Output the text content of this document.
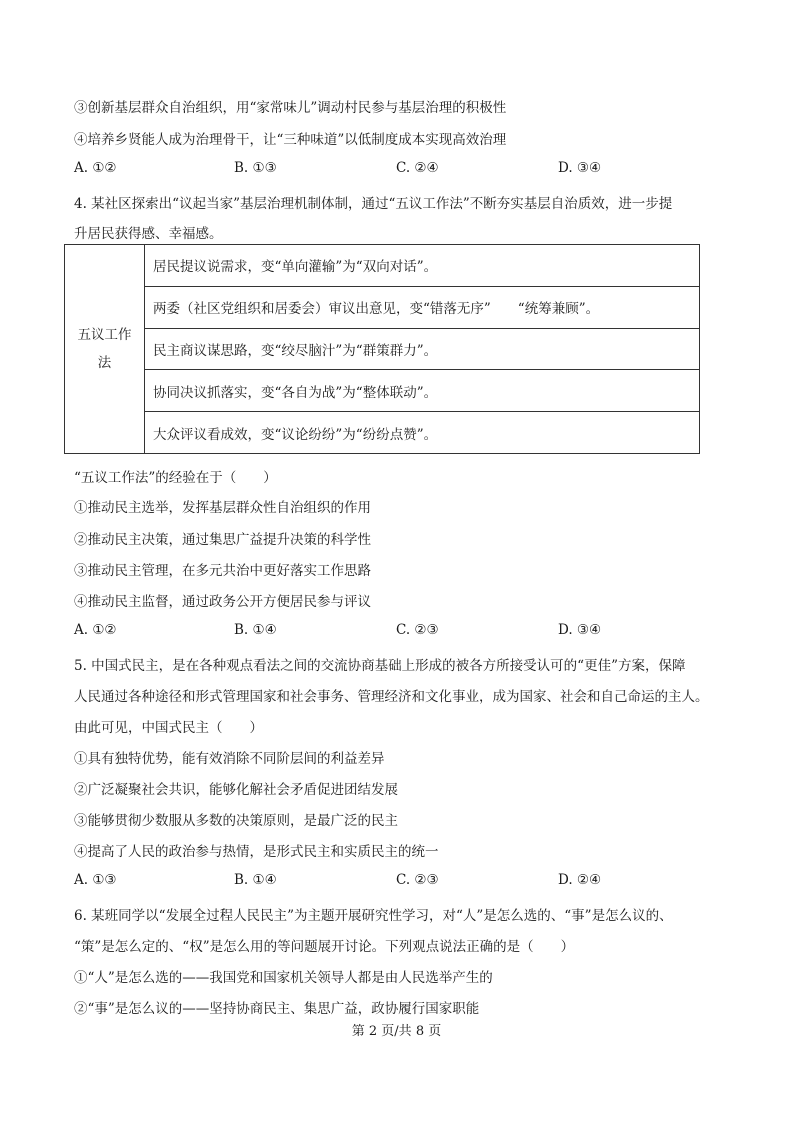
③创新基层群众自治组织，用“家常味儿”调动村民参与基层治理的积极性
④培养乡贤能人成为治理骨干，让“三种味道”以低制度成本实现高效治理
A. ①②	B. ①③	C. ②④	D. ③④
4. 某社区探索出“议起当家”基层治理机制体制，通过“五议工作法”不断夯实基层自治质效，进一步提
升居民获得感、幸福感。
五议工作法
居民提议说需求，变“单向灌输”为“双向对话”。
两委（社区党组织和居委会）审议出意见，变“错落无序”　　“统筹兼顾”。
民主商议谋思路，变“绞尽脑汁”为“群策群力”。
协同决议抓落实，变“各自为战”为“整体联动”。
大众评议看成效，变“议论纷纷”为“纷纷点赞”。
“五议工作法”的经验在于（　　）
①推动民主选举，发挥基层群众性自治组织的作用
②推动民主决策，通过集思广益提升决策的科学性
③推动民主管理，在多元共治中更好落实工作思路
④推动民主监督，通过政务公开方便居民参与评议
A. ①②	B. ①④	C. ②③	D. ③④
5. 中国式民主，是在各种观点看法之间的交流协商基础上形成的被各方所接受认可的“更佳”方案，保障
人民通过各种途径和形式管理国家和社会事务、管理经济和文化事业，成为国家、社会和自己命运的主人。
由此可见，中国式民主（　　）
①具有独特优势，能有效消除不同阶层间的利益差异
②广泛凝聚社会共识，能够化解社会矛盾促进团结发展
③能够贯彻少数服从多数的决策原则，是最广泛的民主
④提高了人民的政治参与热情，是形式民主和实质民主的统一
A. ①③	B. ①④	C. ②③	D. ②④
6. 某班同学以“发展全过程人民民主”为主题开展研究性学习，对“人”是怎么选的、“事”是怎么议的、
“策”是怎么定的、“权”是怎么用的等问题展开讨论。下列观点说法正确的是（　　）
①“人”是怎么选的——我国党和国家机关领导人都是由人民选举产生的
②“事”是怎么议的——坚持协商民主、集思广益，政协履行国家职能
第 2 页/共 8 页
